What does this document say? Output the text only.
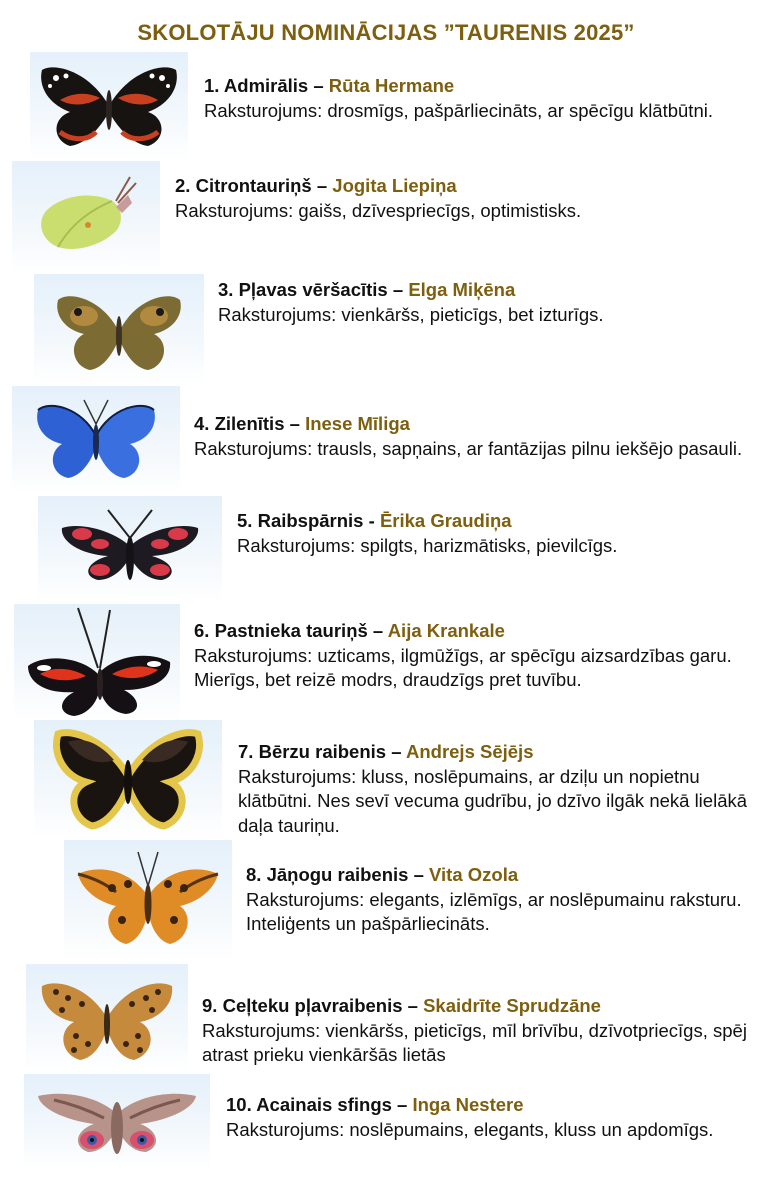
SKOLOTĀJU NOMINĀCIJAS ”TAURENIS 2025”
1. Admirālis – Rūta Hermane
Raksturojums: drosmīgs, pašpārliecināts, ar spēcīgu klātbūtni.
2. Citrontauriņš – Jogita Liepiņa
Raksturojums: gaišs, dzīvespriecīgs, optimistisks.
3. Pļavas vēršacītis – Elga Miķēna
Raksturojums: vienkāršs, pieticīgs, bet izturīgs.
4. Zilenītis – Inese Mīliga
Raksturojums: trausls, sapņains, ar fantāzijas pilnu iekšējo pasauli.
5. Raibspārnis - Ērika Graudiņa
Raksturojums: spilgts, harizmātisks, pievilcīgs.
6. Pastnieka tauriņš – Aija Krankale
Raksturojums: uzticams, ilgmūžīgs, ar spēcīgu aizsardzības garu. Mierīgs, bet reizē modrs, draudzīgs pret tuvību.
7. Bērzu raibenis – Andrejs Sējējs
Raksturojums: kluss, noslēpumains, ar dziļu un nopietnu klātbūtni. Nes sevī vecuma gudrību, jo dzīvo ilgāk nekā lielākā daļa tauriņu.
8. Jāņogu raibenis – Vita Ozola
Raksturojums: elegants, izlēmīgs, ar noslēpumainu raksturu. Inteliģents un pašpārliecināts.
9. Ceļteku pļavraibenis – Skaidrīte Sprudzāne
Raksturojums: vienkāršs, pieticīgs, mīl brīvību, dzīvotpriecīgs, spēj atrast prieku vienkāršās lietās
10. Acainais sfings – Inga Nestere
Raksturojums: noslēpumains, elegants, kluss un apdomīgs.
